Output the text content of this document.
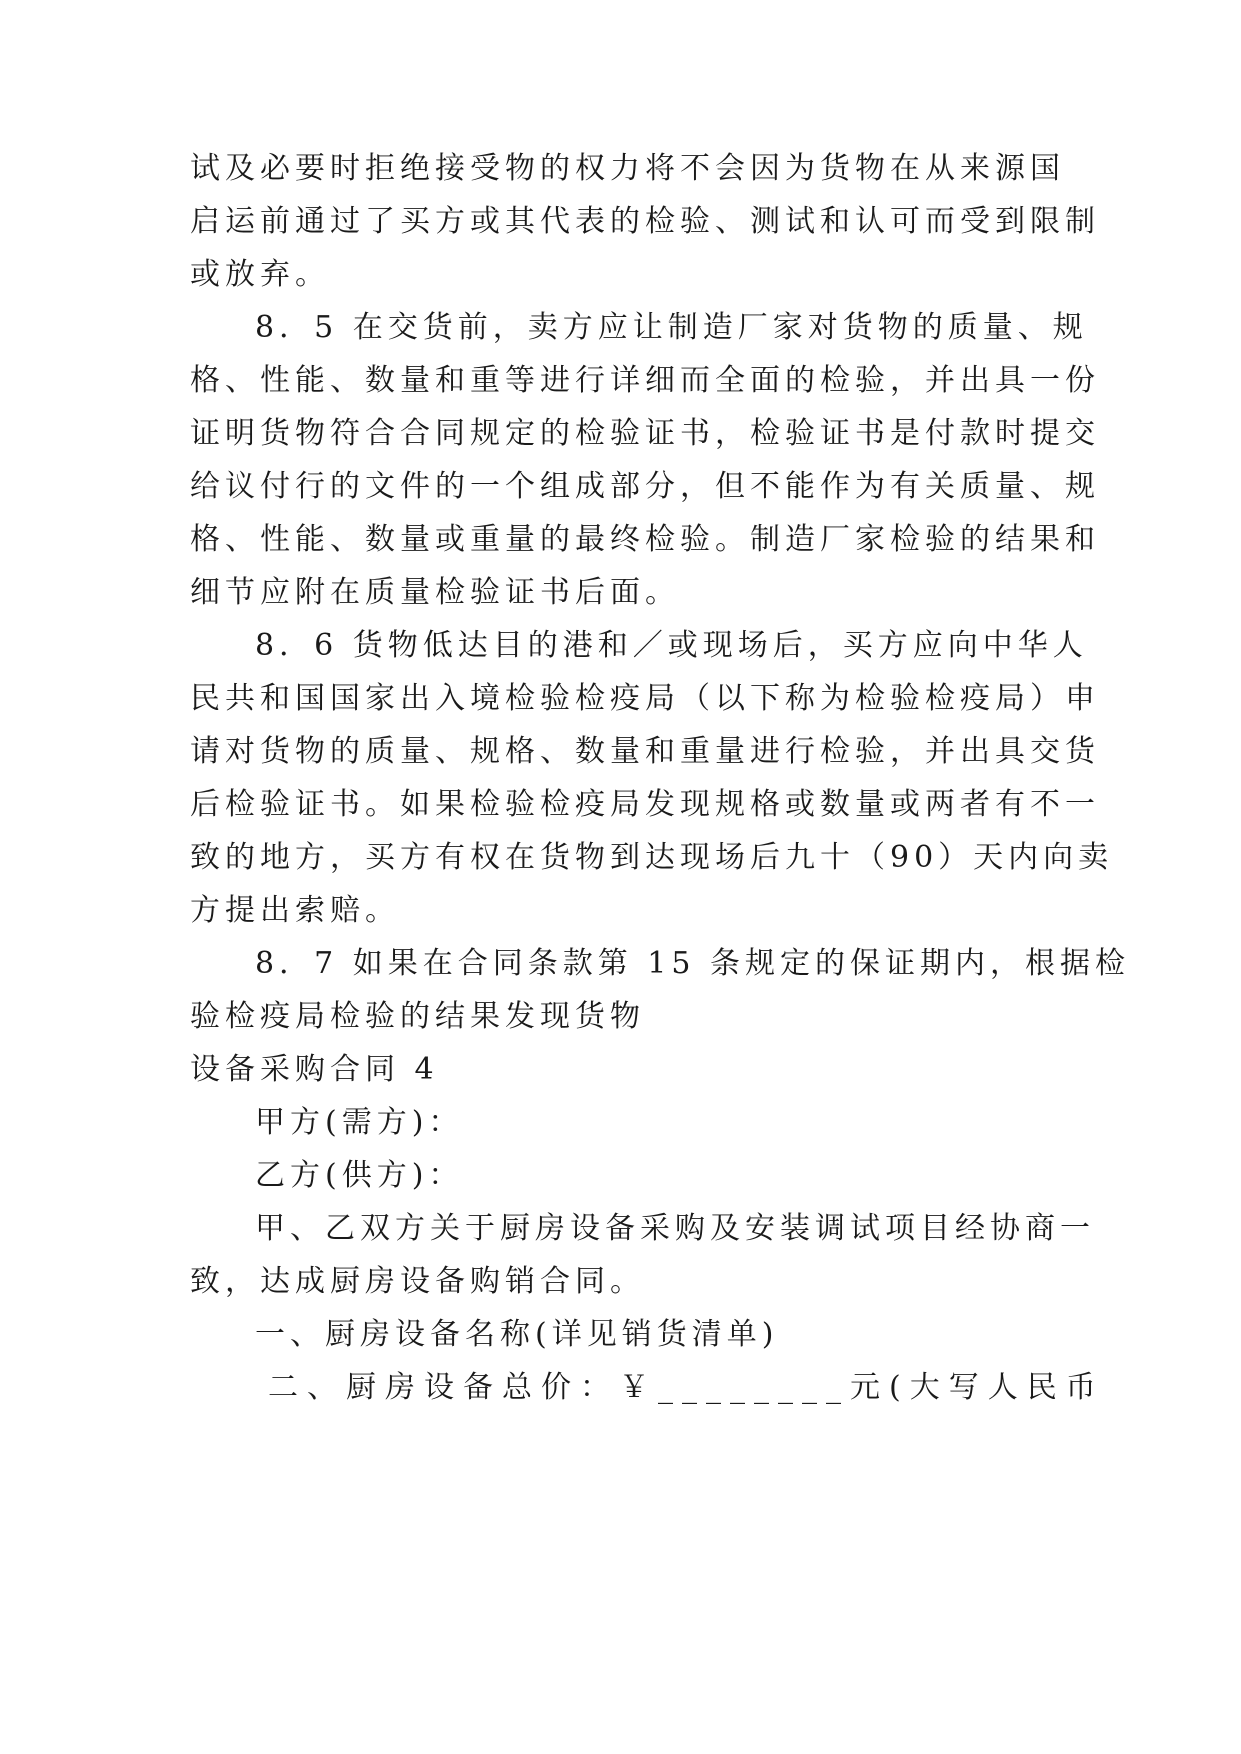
试及必要时拒绝接受物的权力将不会因为货物在从来源国
启运前通过了买方或其代表的检验、测试和认可而受到限制
或放弃。
8．5 在交货前，卖方应让制造厂家对货物的质量、规
格、性能、数量和重等进行详细而全面的检验，并出具一份
证明货物符合合同规定的检验证书，检验证书是付款时提交
给议付行的文件的一个组成部分，但不能作为有关质量、规
格、性能、数量或重量的最终检验。制造厂家检验的结果和
细节应附在质量检验证书后面。
8．6 货物低达目的港和／或现场后，买方应向中华人
民共和国国家出入境检验检疫局（以下称为检验检疫局）申
请对货物的质量、规格、数量和重量进行检验，并出具交货
后检验证书。如果检验检疫局发现规格或数量或两者有不一
致的地方，买方有权在货物到达现场后九十（90）天内向卖
方提出索赔。
8．7 如果在合同条款第 15 条规定的保证期内，根据检
验检疫局检验的结果发现货物
设备采购合同 4
甲方(需方)：
乙方(供方)：
甲、乙双方关于厨房设备采购及安装调试项目经协商一
致，达成厨房设备购销合同。
一、厨房设备名称(详见销货清单)
二、厨房设备总价：￥________元(大写人民币
